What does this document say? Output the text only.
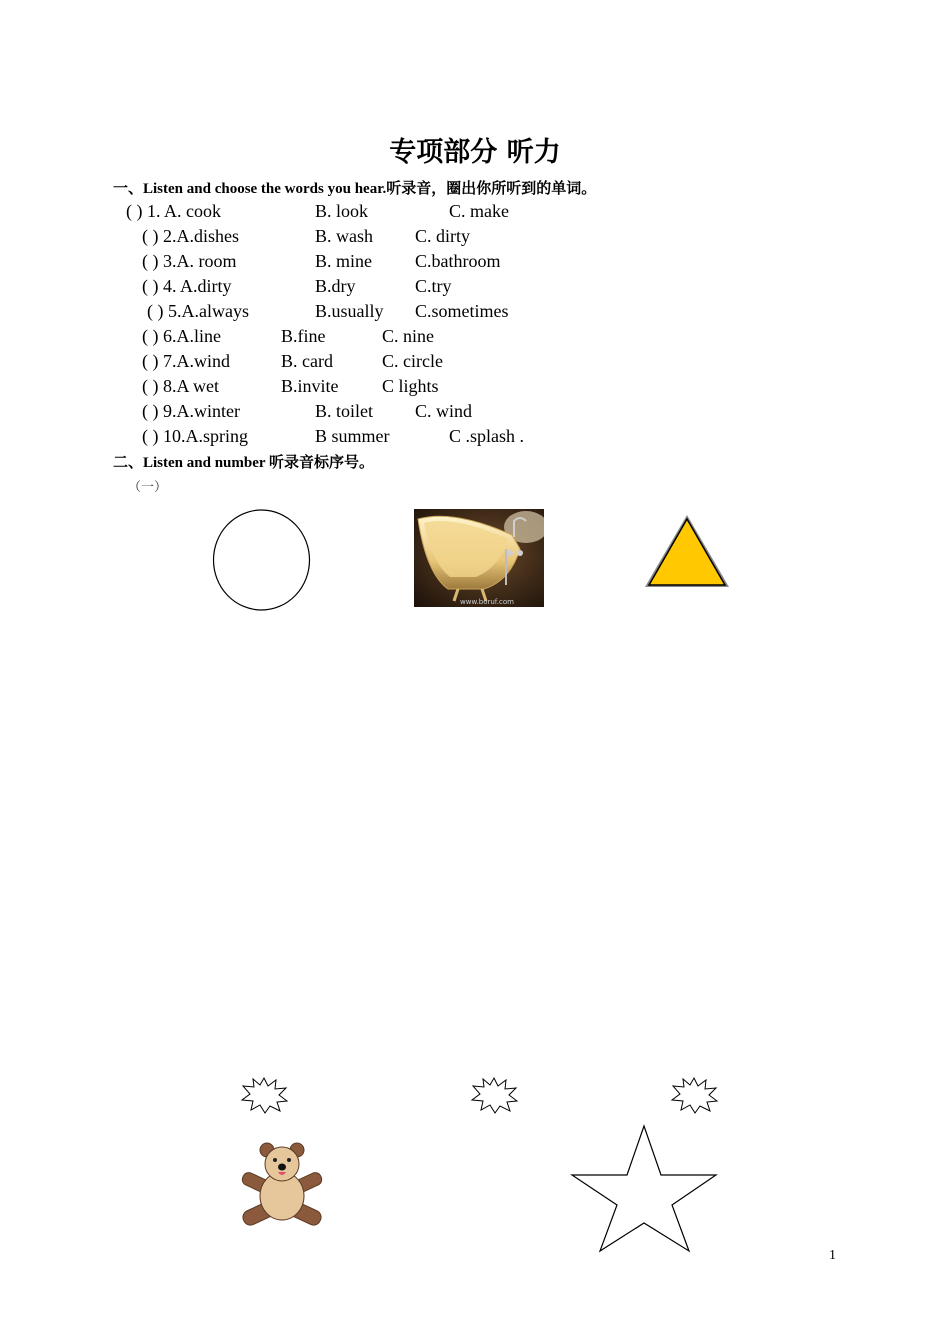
专项部分 听力
一、Listen and choose the words you hear.听录音，圈出你所听到的单词。
( ) 1. A. cook	B. look	C. make
( ) 2.A.dishes	B. wash C. dirty
( ) 3.A. room	B. mine C.bathroom
( ) 4. A.dirty	B.dry	C.try
( ) 5.A.always	B.usually C.sometimes
( ) 6.A.line	B.fine	C. nine
( ) 7.A.wind	B. card	C. circle
( ) 8.A wet	B.invite C lights
( ) 9.A.winter	B. toilet C. wind
( ) 10.A.spring	B summer	C .splash .
二、Listen and number 听录音标序号。
（一）
www.boruf.com
1
